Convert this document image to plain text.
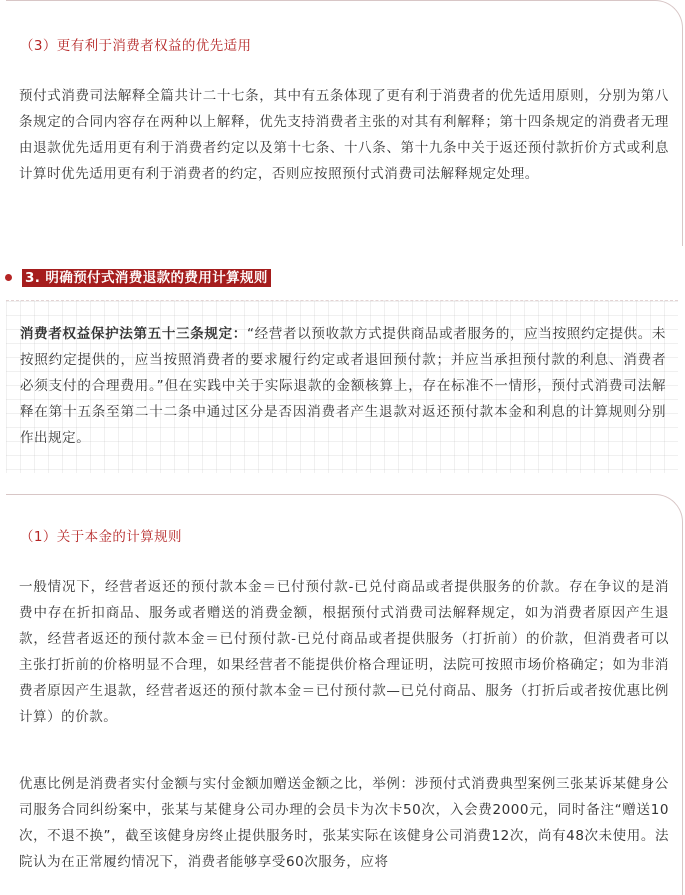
（3）更有利于消费者权益的优先适用

预付式消费司法解释全篇共计二十七条，其中有五条体现了更有利于消费者的优先适用原则，分别为第八条规定的合同内容存在两种以上解释，优先支持消费者主张的对其有利解释；第十四条规定的消费者无理由退款优先适用更有利于消费者约定以及第十七条、十八条、第十九条中关于返还预付款折价方式或利息计算时优先适用更有利于消费者的约定，否则应按照预付式消费司法解释规定处理。

3. 明确预付式消费退款的费用计算规则

消费者权益保护法第五十三条规定：“经营者以预收款方式提供商品或者服务的，应当按照约定提供。未按照约定提供的，应当按照消费者的要求履行约定或者退回预付款；并应当承担预付款的利息、消费者必须支付的合理费用。”但在实践中关于实际退款的金额核算上，存在标准不一情形，预付式消费司法解释在第十五条至第二十二条中通过区分是否因消费者产生退款对返还预付款本金和利息的计算规则分别作出规定。

（1）关于本金的计算规则

一般情况下，经营者返还的预付款本金＝已付预付款-已兑付商品或者提供服务的价款。存在争议的是消费中存在折扣商品、服务或者赠送的消费金额，根据预付式消费司法解释规定，如为消费者原因产生退款，经营者返还的预付款本金＝已付预付款-已兑付商品或者提供服务（打折前）的价款，但消费者可以主张打折前的价格明显不合理，如果经营者不能提供价格合理证明，法院可按照市场价格确定；如为非消费者原因产生退款，经营者返还的预付款本金＝已付预付款—已兑付商品、服务（打折后或者按优惠比例计算）的价款。

优惠比例是消费者实付金额与实付金额加赠送金额之比，举例：涉预付式消费典型案例三张某诉某健身公司服务合同纠纷案中，张某与某健身公司办理的会员卡为次卡50次，入会费2000元，同时备注“赠送10次，不退不换”，截至该健身房终止提供服务时，张某实际在该健身公司消费12次，尚有48次未使用。法院认为在正常履约情况下，消费者能够享受60次服务，应将
